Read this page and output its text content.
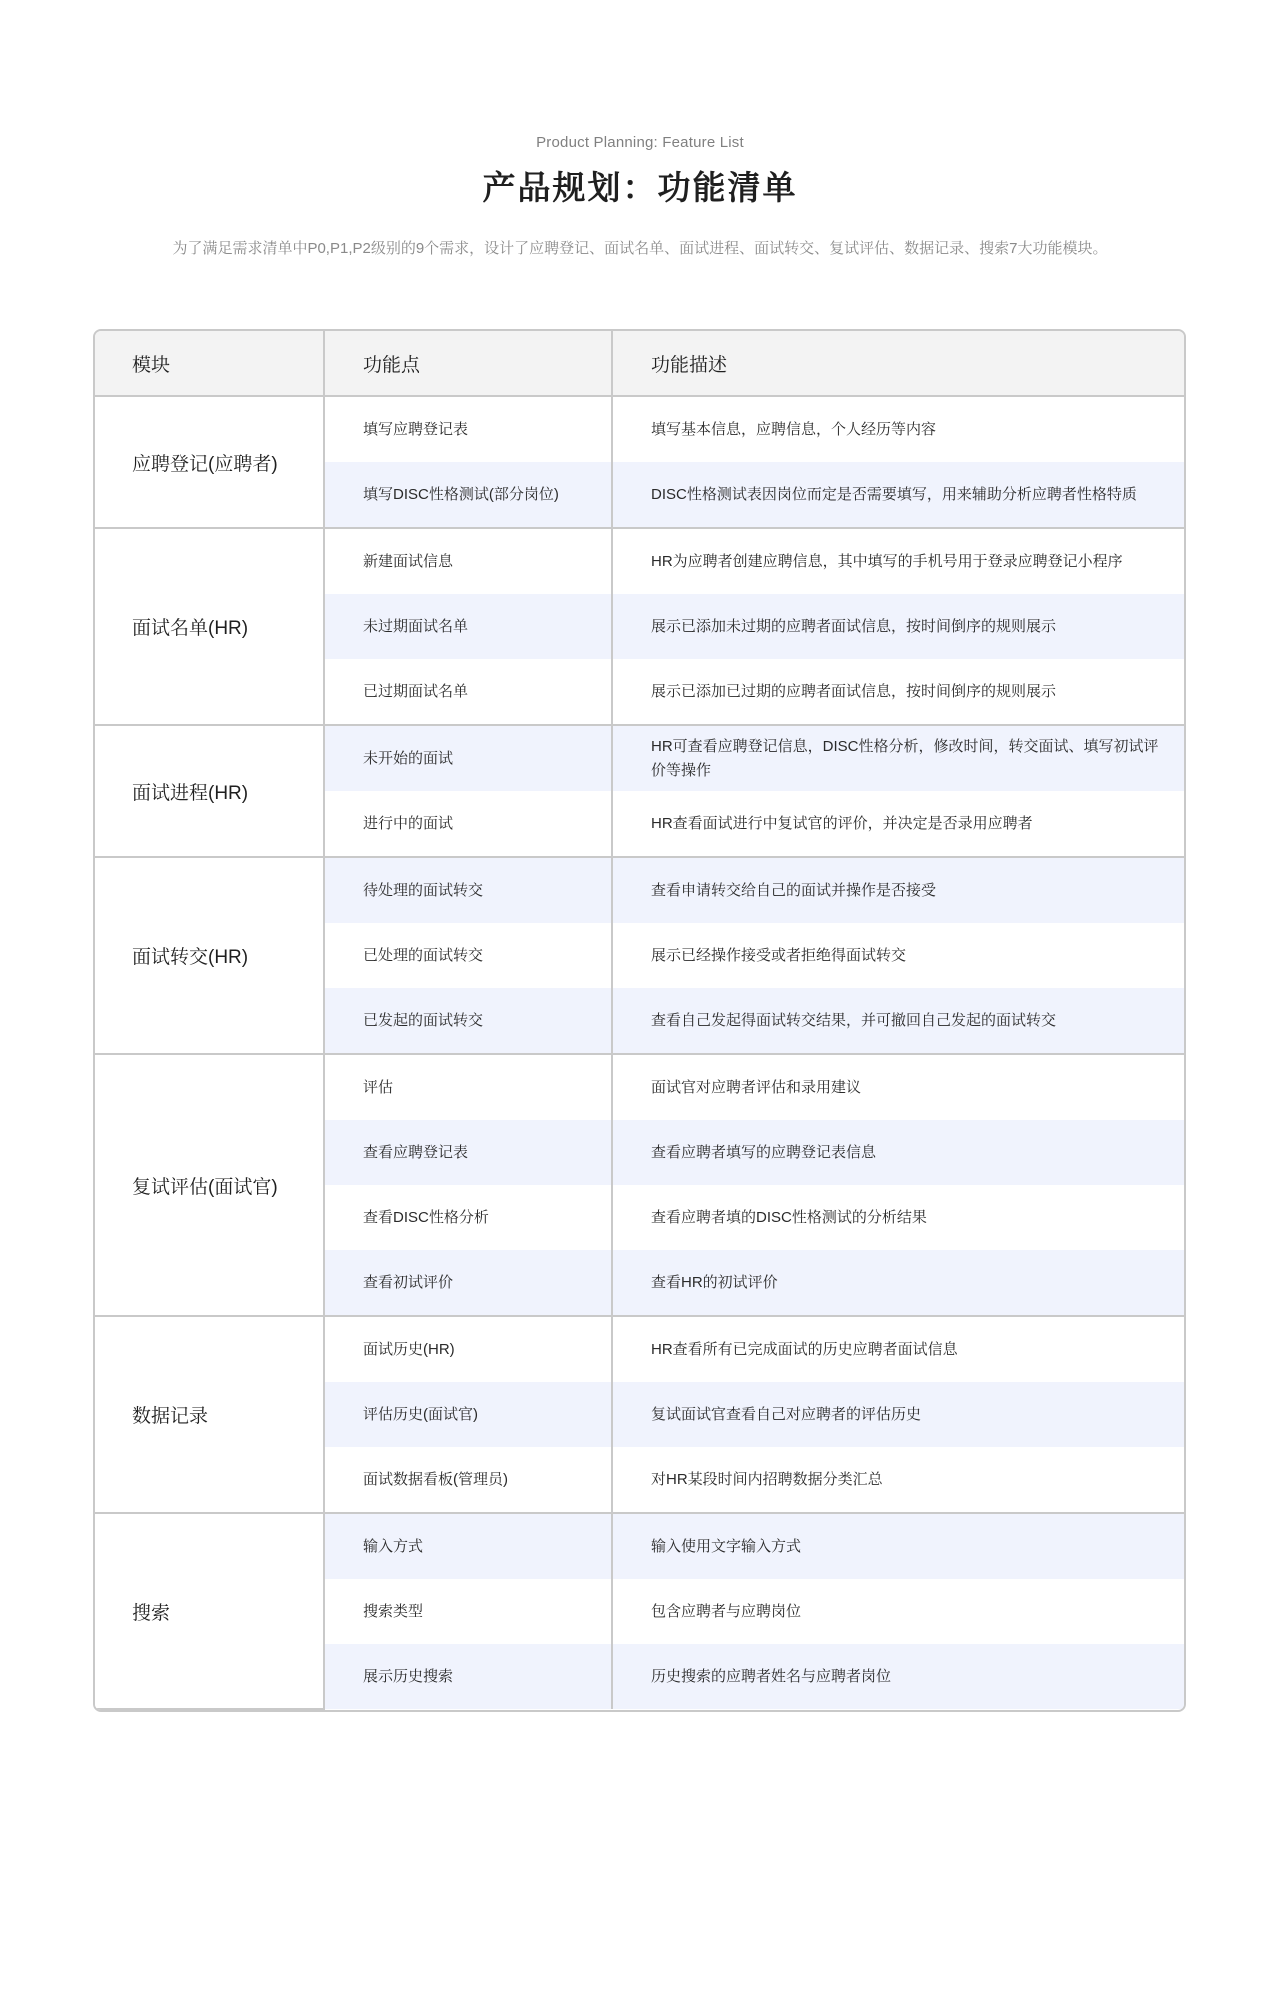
Product Planning: Feature List
产品规划：功能清单
为了满足需求清单中P0,P1,P2级别的9个需求，设计了应聘登记、面试名单、面试进程、面试转交、复试评估、数据记录、搜索7大功能模块。
模块	功能点	功能描述
应聘登记(应聘者)	填写应聘登记表	填写基本信息，应聘信息，个人经历等内容
	填写DISC性格测试(部分岗位)	DISC性格测试表因岗位而定是否需要填写，用来辅助分析应聘者性格特质
面试名单(HR)	新建面试信息	HR为应聘者创建应聘信息，其中填写的手机号用于登录应聘登记小程序
	未过期面试名单	展示已添加未过期的应聘者面试信息，按时间倒序的规则展示
	已过期面试名单	展示已添加已过期的应聘者面试信息，按时间倒序的规则展示
面试进程(HR)	未开始的面试	HR可查看应聘登记信息，DISC性格分析，修改时间，转交面试、填写初试评价等操作
	进行中的面试	HR查看面试进行中复试官的评价，并决定是否录用应聘者
面试转交(HR)	待处理的面试转交	查看申请转交给自己的面试并操作是否接受
	已处理的面试转交	展示已经操作接受或者拒绝得面试转交
	已发起的面试转交	查看自己发起得面试转交结果，并可撤回自己发起的面试转交
复试评估(面试官)	评估	面试官对应聘者评估和录用建议
	查看应聘登记表	查看应聘者填写的应聘登记表信息
	查看DISC性格分析	查看应聘者填的DISC性格测试的分析结果
	查看初试评价	查看HR的初试评价
数据记录	面试历史(HR)	HR查看所有已完成面试的历史应聘者面试信息
	评估历史(面试官)	复试面试官查看自己对应聘者的评估历史
	面试数据看板(管理员)	对HR某段时间内招聘数据分类汇总
搜索	输入方式	输入使用文字输入方式
	搜索类型	包含应聘者与应聘岗位
	展示历史搜索	历史搜索的应聘者姓名与应聘者岗位
